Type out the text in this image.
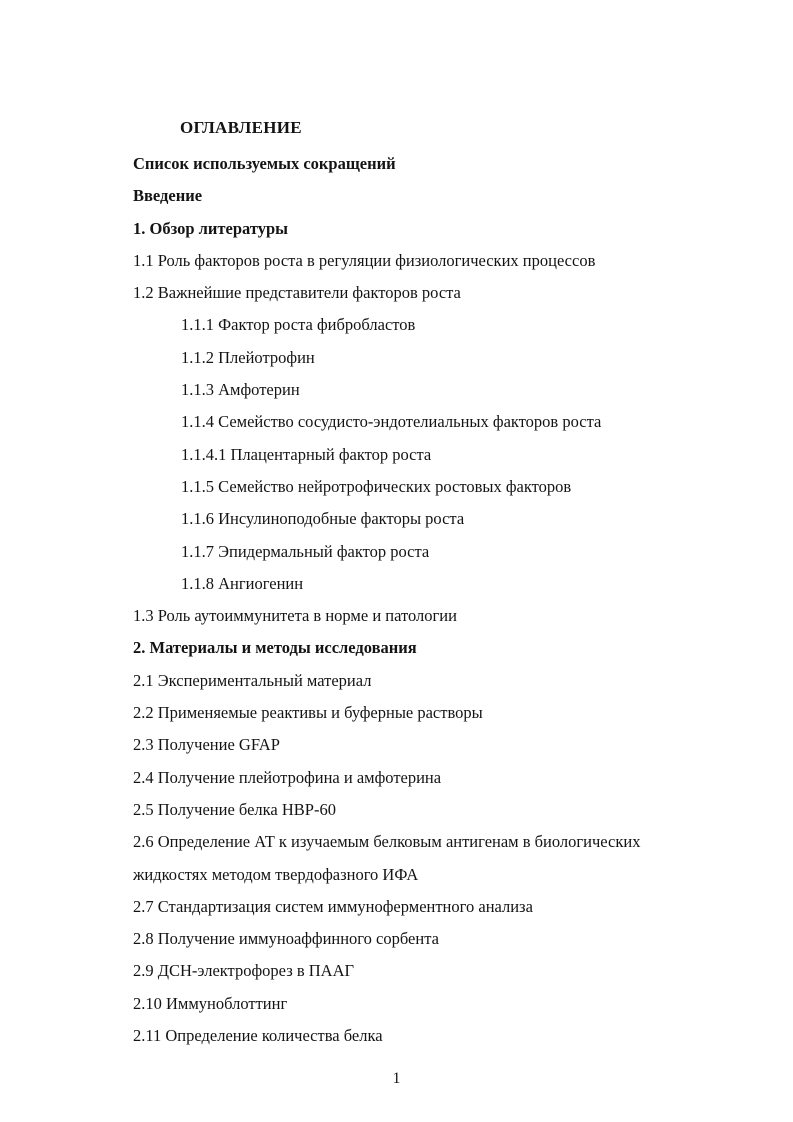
ОГЛАВЛЕНИЕ
Список используемых сокращений
Введение
1. Обзор литературы
1.1 Роль факторов роста в регуляции физиологических процессов
1.2 Важнейшие представители факторов роста
1.1.1 Фактор роста фибробластов
1.1.2 Плейотрофин
1.1.3 Амфотерин
1.1.4 Семейство сосудисто-эндотелиальных факторов роста
1.1.4.1 Плацентарный фактор роста
1.1.5 Семейство нейротрофических ростовых факторов
1.1.6 Инсулиноподобные факторы роста
1.1.7 Эпидермальный фактор роста
1.1.8 Ангиогенин
1.3 Роль аутоиммунитета в норме и патологии
2. Материалы и методы исследования
2.1 Экспериментальный материал
2.2 Применяемые реактивы и буферные растворы
2.3 Получение GFAP
2.4 Получение плейотрофина и амфотерина
2.5 Получение белка HBP-60
2.6 Определение АТ к изучаемым белковым антигенам в биологических
жидкостях методом твердофазного ИФА
2.7 Стандартизация систем иммуноферментного анализа
2.8 Получение иммуноаффинного сорбента
2.9 ДСН-электрофорез в ПААГ
2.10 Иммуноблоттинг
2.11 Определение количества белка
1
